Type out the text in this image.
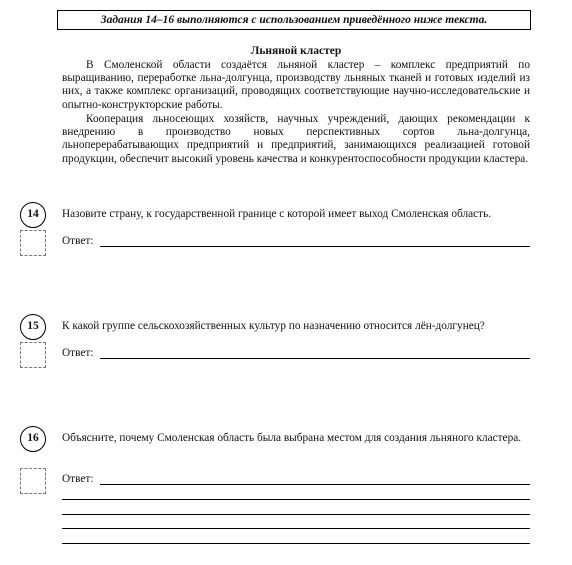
Задания 14–16 выполняются с использованием приведённого ниже текста.
Льняной кластер

В Смоленской области создаётся льняной кластер – комплекс предприятий по выращиванию, переработке льна-долгунца, производству льняных тканей и готовых изделий из них, а также комплекс организаций, проводящих соответствующие научно-исследовательские и опытно-конструкторские работы.

Кооперация льносеющих хозяйств, научных учреждений, дающих рекомендации к внедрению в производство новых перспективных сортов льна-долгунца, льноперерабатывающих предприятий и предприятий, занимающихся реализацией готовой продукции, обеспечит высокий уровень качества и конкурентоспособности продукции кластера.

14	Назовите страну, к государственной границе с которой имеет выход Смоленская область.

Ответ:
15	К какой группе сельскохозяйственных культур по назначению относится лён-долгунец?

Ответ:
16	Объясните, почему Смоленская область была выбрана местом для создания льняного кластера.

Ответ:
